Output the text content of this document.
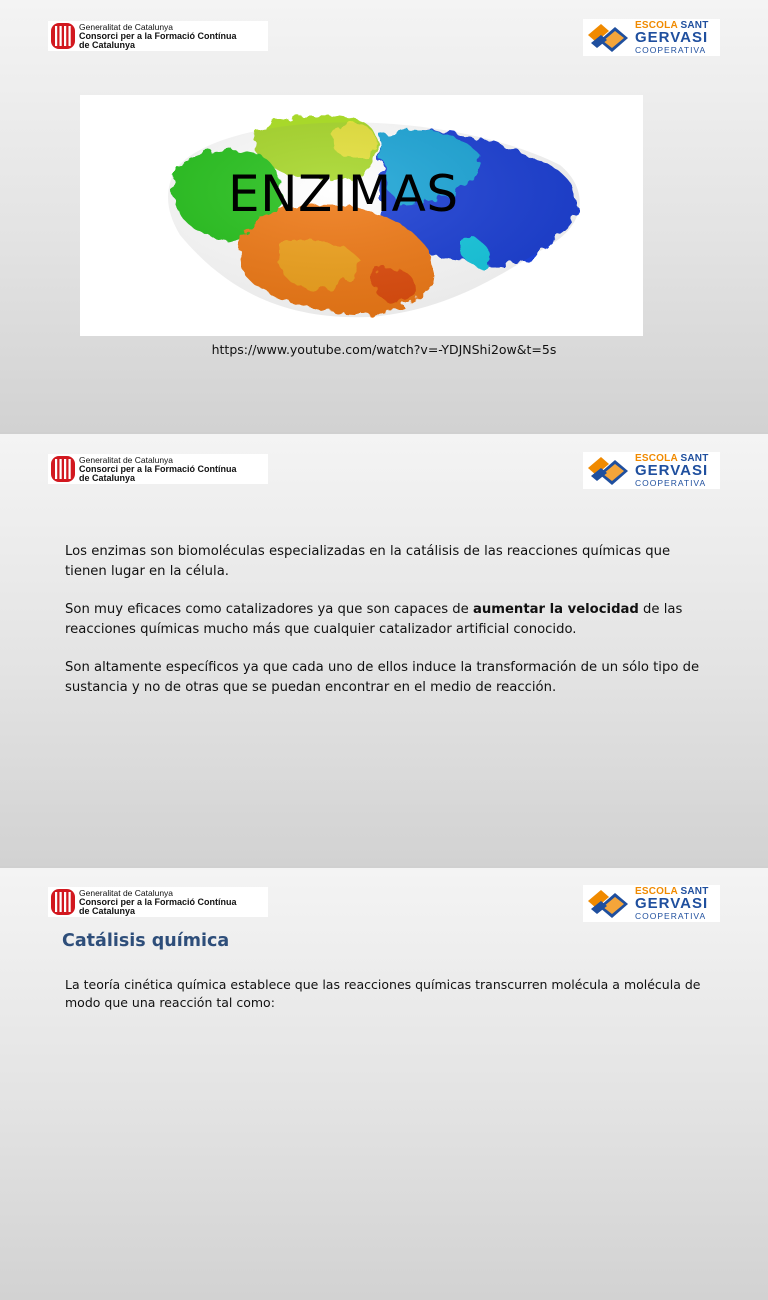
Generalitat de Catalunya
Consorci per a la Formació Contínua
de Catalunya
ESCOLA SANT
GERVASI
COOPERATIVA
ENZIMAS
https://www.youtube.com/watch?v=-YDJNShi2ow&t=5s
Generalitat de Catalunya
Consorci per a la Formació Contínua
de Catalunya
ESCOLA SANT
GERVASI
COOPERATIVA

Los enzimas son biomoléculas especializadas en la catálisis de las reacciones químicas que tienen lugar en la célula.

Son muy eficaces como catalizadores ya que son capaces de aumentar la velocidad de las reacciones químicas mucho más que cualquier catalizador artificial conocido.

Son altamente específicos ya que cada uno de ellos induce la transformación de un sólo tipo de sustancia y no de otras que se puedan encontrar en el medio de reacción.

Generalitat de Catalunya
Consorci per a la Formació Contínua
de Catalunya
ESCOLA SANT
GERVASI
COOPERATIVA
Catálisis química
La teoría cinética química establece que las reacciones químicas transcurren molécula a molécula de modo que una reacción tal como:
